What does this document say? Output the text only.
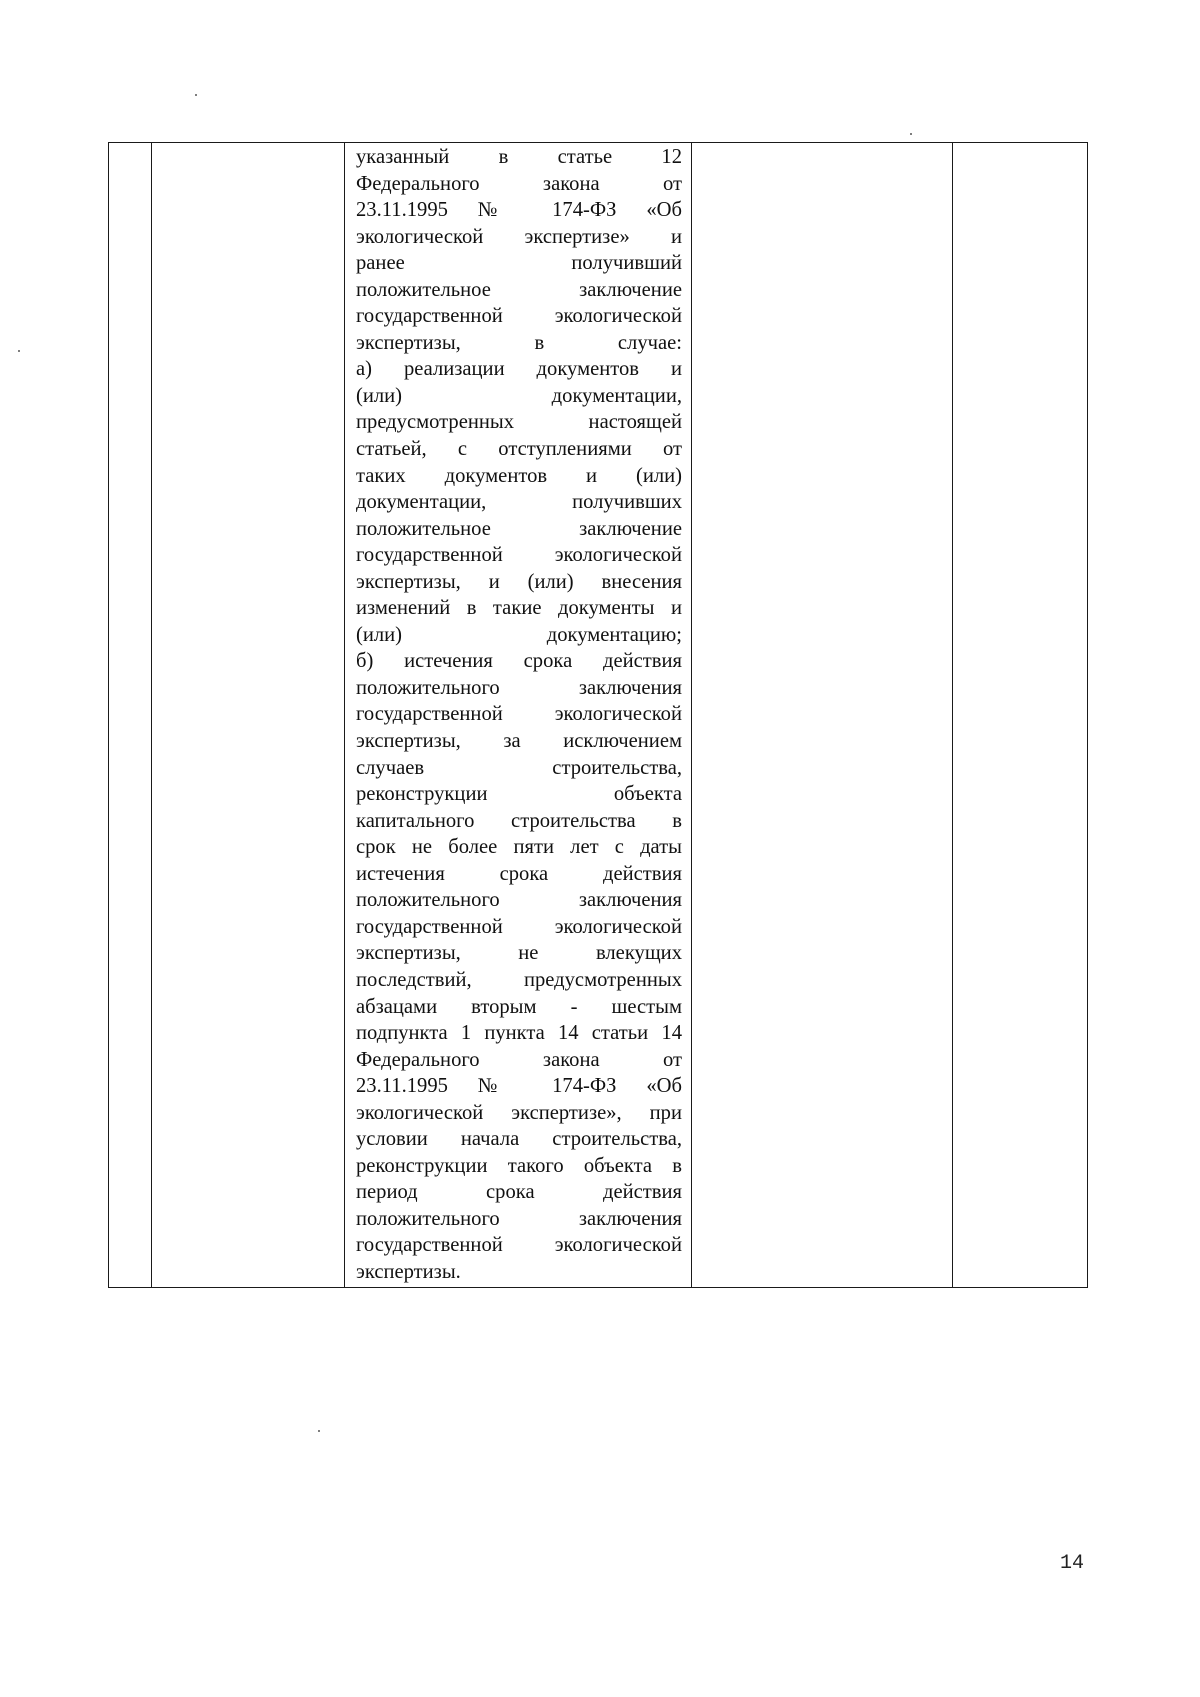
указанный в статье 12
Федерального закона от
23.11.1995 № 174-ФЗ «Об
экологической экспертизе» и
ранее получивший
положительное заключение
государственной экологической
экспертизы, в случае:
а) реализации документов и
(или) документации,
предусмотренных настоящей
статьей, с отступлениями от
таких документов и (или)
документации, получивших
положительное заключение
государственной экологической
экспертизы, и (или) внесения
изменений в такие документы и
(или) документацию;
б) истечения срока действия
положительного заключения
государственной экологической
экспертизы, за исключением
случаев строительства,
реконструкции объекта
капитального строительства в
срок не более пяти лет с даты
истечения срока действия
положительного заключения
государственной экологической
экспертизы, не влекущих
последствий, предусмотренных
абзацами вторым - шестым
подпункта 1 пункта 14 статьи 14
Федерального закона от
23.11.1995 № 174-ФЗ «Об
экологической экспертизе», при
условии начала строительства,
реконструкции такого объекта в
период срока действия
положительного заключения
государственной экологической
экспертизы.

14
